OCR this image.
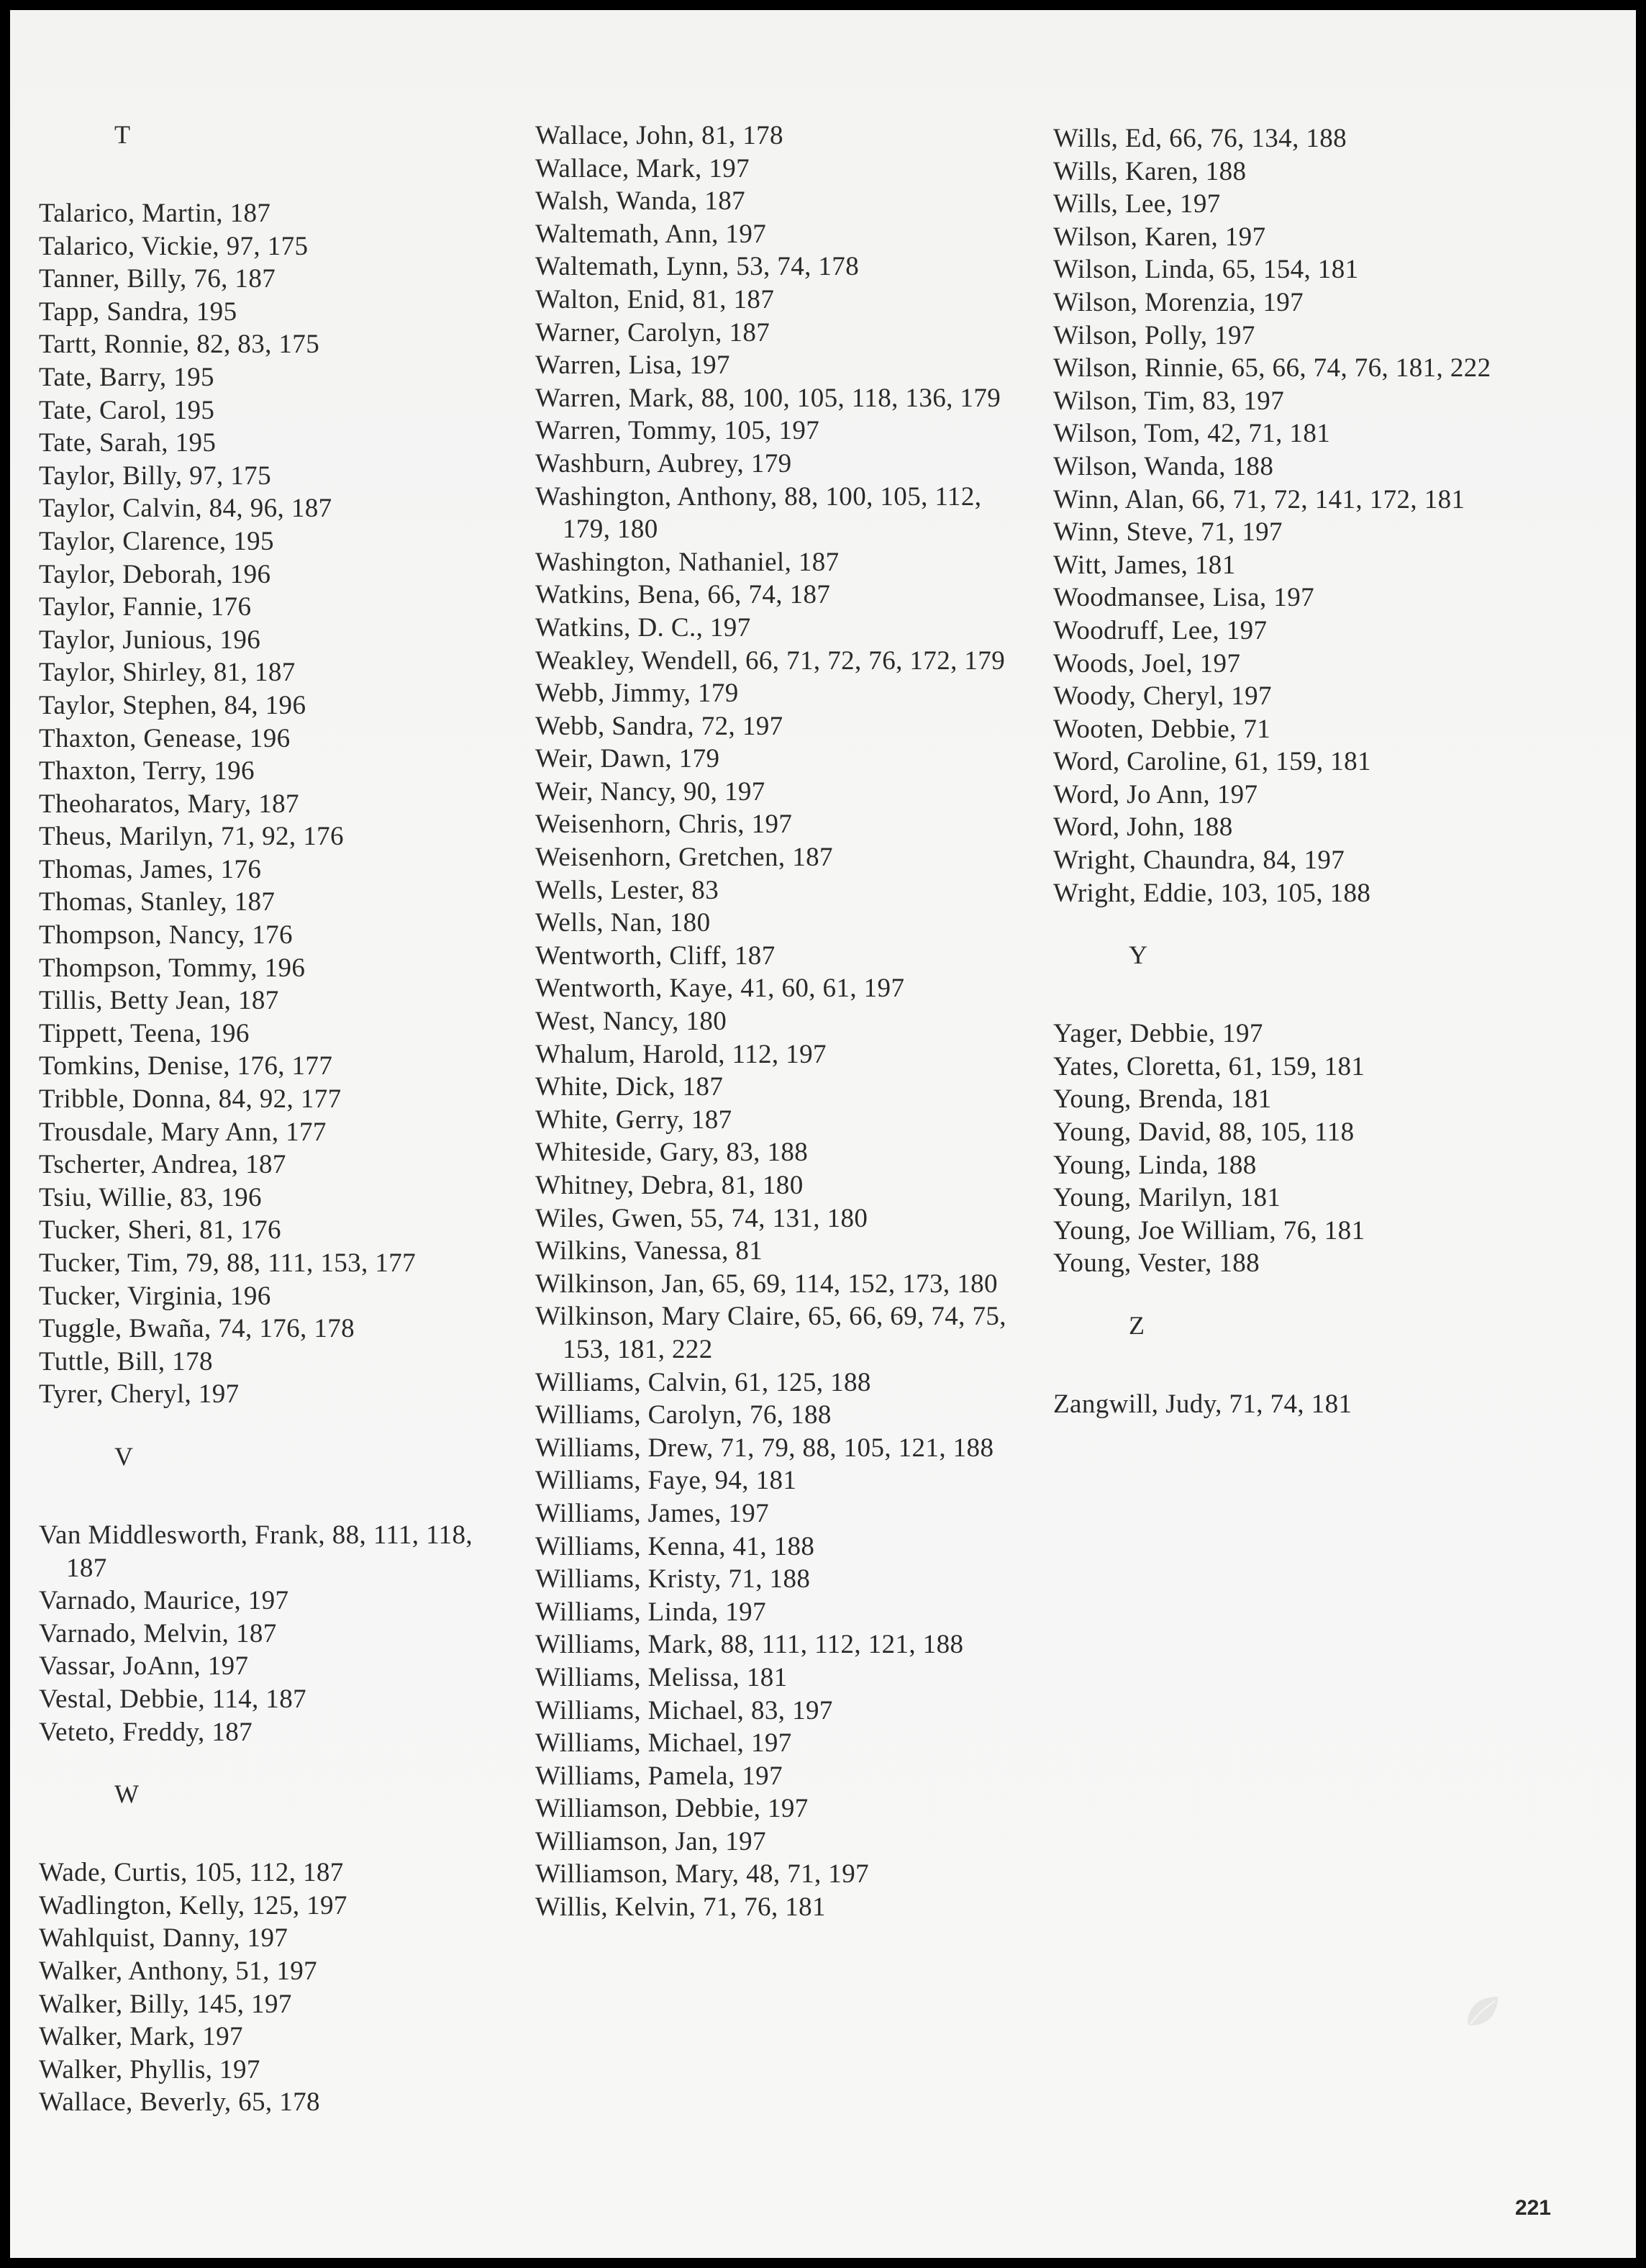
T
Talarico, Martin, 187
Talarico, Vickie, 97, 175
Tanner, Billy, 76, 187
Tapp, Sandra, 195
Tartt, Ronnie, 82, 83, 175
Tate, Barry, 195
Tate, Carol, 195
Tate, Sarah, 195
Taylor, Billy, 97, 175
Taylor, Calvin, 84, 96, 187
Taylor, Clarence, 195
Taylor, Deborah, 196
Taylor, Fannie, 176
Taylor, Junious, 196
Taylor, Shirley, 81, 187
Taylor, Stephen, 84, 196
Thaxton, Genease, 196
Thaxton, Terry, 196
Theoharatos, Mary, 187
Theus, Marilyn, 71, 92, 176
Thomas, James, 176
Thomas, Stanley, 187
Thompson, Nancy, 176
Thompson, Tommy, 196
Tillis, Betty Jean, 187
Tippett, Teena, 196
Tomkins, Denise, 176, 177
Tribble, Donna, 84, 92, 177
Trousdale, Mary Ann, 177
Tscherter, Andrea, 187
Tsiu, Willie, 83, 196
Tucker, Sheri, 81, 176
Tucker, Tim, 79, 88, 111, 153, 177
Tucker, Virginia, 196
Tuggle, Bwaña, 74, 176, 178
Tuttle, Bill, 178
Tyrer, Cheryl, 197
V
Van Middlesworth, Frank, 88, 111, 118, 187
Varnado, Maurice, 197
Varnado, Melvin, 187
Vassar, JoAnn, 197
Vestal, Debbie, 114, 187
Veteto, Freddy, 187
W
Wade, Curtis, 105, 112, 187
Wadlington, Kelly, 125, 197
Wahlquist, Danny, 197
Walker, Anthony, 51, 197
Walker, Billy, 145, 197
Walker, Mark, 197
Walker, Phyllis, 197
Wallace, Beverly, 65, 178
Wallace, John, 81, 178
Wallace, Mark, 197
Walsh, Wanda, 187
Waltemath, Ann, 197
Waltemath, Lynn, 53, 74, 178
Walton, Enid, 81, 187
Warner, Carolyn, 187
Warren, Lisa, 197
Warren, Mark, 88, 100, 105, 118, 136, 179
Warren, Tommy, 105, 197
Washburn, Aubrey, 179
Washington, Anthony, 88, 100, 105, 112, 179, 180
Washington, Nathaniel, 187
Watkins, Bena, 66, 74, 187
Watkins, D. C., 197
Weakley, Wendell, 66, 71, 72, 76, 172, 179
Webb, Jimmy, 179
Webb, Sandra, 72, 197
Weir, Dawn, 179
Weir, Nancy, 90, 197
Weisenhorn, Chris, 197
Weisenhorn, Gretchen, 187
Wells, Lester, 83
Wells, Nan, 180
Wentworth, Cliff, 187
Wentworth, Kaye, 41, 60, 61, 197
West, Nancy, 180
Whalum, Harold, 112, 197
White, Dick, 187
White, Gerry, 187
Whiteside, Gary, 83, 188
Whitney, Debra, 81, 180
Wiles, Gwen, 55, 74, 131, 180
Wilkins, Vanessa, 81
Wilkinson, Jan, 65, 69, 114, 152, 173, 180
Wilkinson, Mary Claire, 65, 66, 69, 74, 75, 153, 181, 222
Williams, Calvin, 61, 125, 188
Williams, Carolyn, 76, 188
Williams, Drew, 71, 79, 88, 105, 121, 188
Williams, Faye, 94, 181
Williams, James, 197
Williams, Kenna, 41, 188
Williams, Kristy, 71, 188
Williams, Linda, 197
Williams, Mark, 88, 111, 112, 121, 188
Williams, Melissa, 181
Williams, Michael, 83, 197
Williams, Michael, 197
Williams, Pamela, 197
Williamson, Debbie, 197
Williamson, Jan, 197
Williamson, Mary, 48, 71, 197
Willis, Kelvin, 71, 76, 181
Wills, Ed, 66, 76, 134, 188
Wills, Karen, 188
Wills, Lee, 197
Wilson, Karen, 197
Wilson, Linda, 65, 154, 181
Wilson, Morenzia, 197
Wilson, Polly, 197
Wilson, Rinnie, 65, 66, 74, 76, 181, 222
Wilson, Tim, 83, 197
Wilson, Tom, 42, 71, 181
Wilson, Wanda, 188
Winn, Alan, 66, 71, 72, 141, 172, 181
Winn, Steve, 71, 197
Witt, James, 181
Woodmansee, Lisa, 197
Woodruff, Lee, 197
Woods, Joel, 197
Woody, Cheryl, 197
Wooten, Debbie, 71
Word, Caroline, 61, 159, 181
Word, Jo Ann, 197
Word, John, 188
Wright, Chaundra, 84, 197
Wright, Eddie, 103, 105, 188
Y
Yager, Debbie, 197
Yates, Cloretta, 61, 159, 181
Young, Brenda, 181
Young, David, 88, 105, 118
Young, Linda, 188
Young, Marilyn, 181
Young, Joe William, 76, 181
Young, Vester, 188
Z
Zangwill, Judy, 71, 74, 181
221
